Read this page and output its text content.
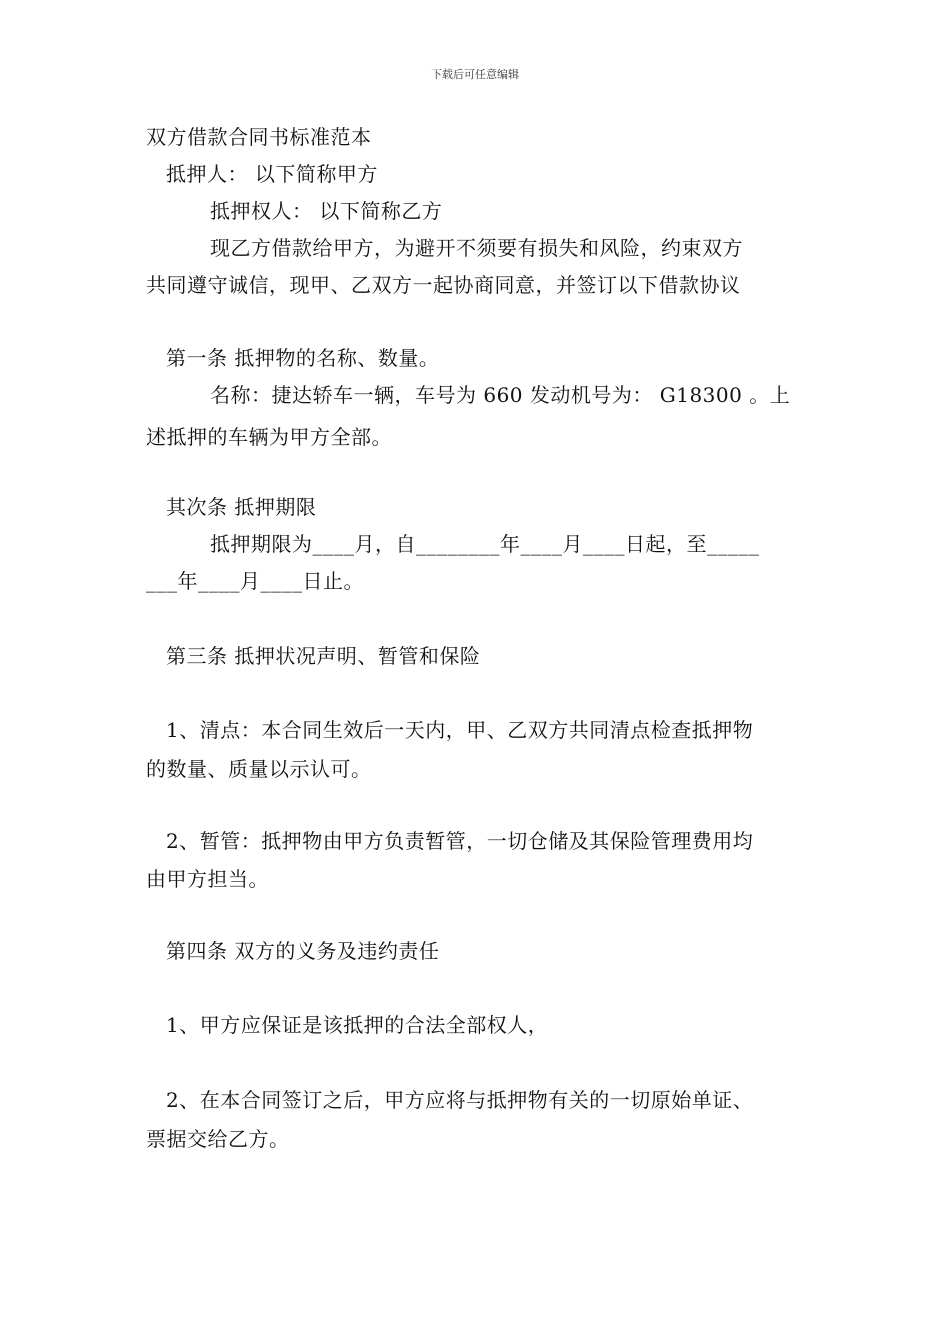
下载后可任意编辑
双方借款合同书标准范本
抵押人： 以下简称甲方
抵押权人： 以下简称乙方
现乙方借款给甲方，为避开不须要有损失和风险，约束双方
共同遵守诚信，现甲、乙双方一起协商同意，并签订以下借款协议
第一条 抵押物的名称、数量。
名称：捷达轿车一辆，车号为 660 发动机号为： G18300 。上
述抵押的车辆为甲方全部。
其次条 抵押期限
抵押期限为____月，自________年____月____日起，至_____
___年____月____日止。
第三条 抵押状况声明、暂管和保险
1、清点：本合同生效后一天内，甲、乙双方共同清点检查抵押物
的数量、质量以示认可。
2、暂管：抵押物由甲方负责暂管，一切仓储及其保险管理费用均
由甲方担当。
第四条 双方的义务及违约责任
1、甲方应保证是该抵押的合法全部权人，
2、在本合同签订之后，甲方应将与抵押物有关的一切原始单证、
票据交给乙方。
